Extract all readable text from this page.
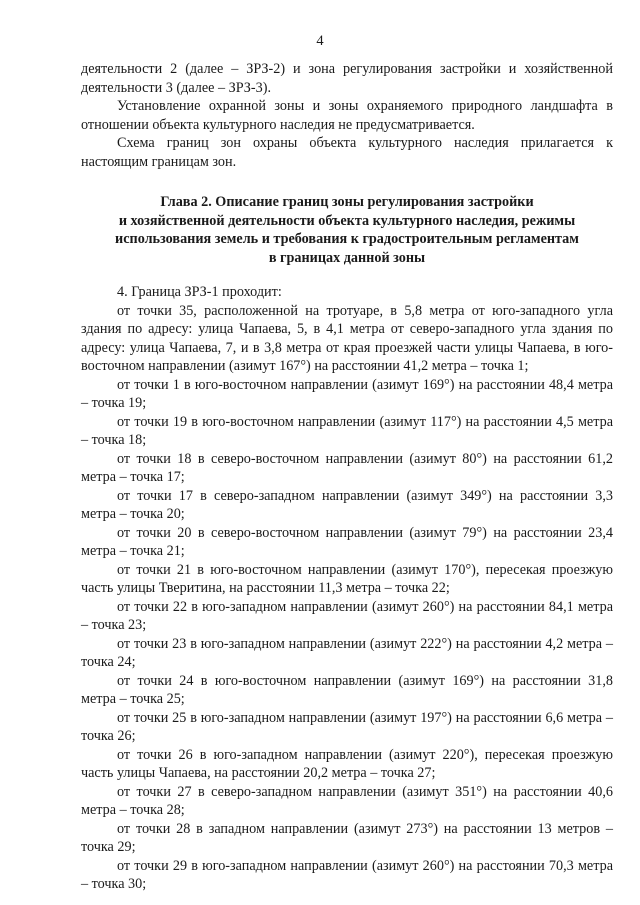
4

деятельности 2 (далее – ЗРЗ-2) и зона регулирования застройки и хозяйственной деятельности 3 (далее – ЗРЗ-3).

Установление охранной зоны и зоны охраняемого природного ландшафта в отношении объекта культурного наследия не предусматривается.

Схема границ зон охраны объекта культурного наследия прилагается к настоящим границам зон.

Глава 2. Описание границ зоны регулирования застройки
и хозяйственной деятельности объекта культурного наследия, режимы
использования земель и требования к градостроительным регламентам
в границах данной зоны

4. Граница ЗРЗ-1 проходит:

от точки 35, расположенной на тротуаре, в 5,8 метра от юго-западного угла здания по адресу: улица Чапаева, 5, в 4,1 метра от северо-западного угла здания по адресу: улица Чапаева, 7, и в 3,8 метра от края проезжей части улицы Чапаева, в юго-восточном направлении (азимут 167°) на расстоянии 41,2 метра – точка 1;

от точки 1 в юго-восточном направлении (азимут 169°) на расстоянии 48,4 метра – точка 19;

от точки 19 в юго-восточном направлении (азимут 117°) на расстоянии 4,5 метра – точка 18;

от точки 18 в северо-восточном направлении (азимут 80°) на расстоянии 61,2 метра – точка 17;

от точки 17 в северо-западном направлении (азимут 349°) на расстоянии 3,3 метра – точка 20;

от точки 20 в северо-восточном направлении (азимут 79°) на расстоянии 23,4 метра – точка 21;

от точки 21 в юго-восточном направлении (азимут 170°), пересекая проезжую часть улицы Тверитина, на расстоянии 11,3 метра – точка 22;

от точки 22 в юго-западном направлении (азимут 260°) на расстоянии 84,1 метра – точка 23;

от точки 23 в юго-западном направлении (азимут 222°) на расстоянии 4,2 метра – точка 24;

от точки 24 в юго-восточном направлении (азимут 169°) на расстоянии 31,8 метра – точка 25;

от точки 25 в юго-западном направлении (азимут 197°) на расстоянии 6,6 метра – точка 26;

от точки 26 в юго-западном направлении (азимут 220°), пересекая проезжую часть улицы Чапаева, на расстоянии 20,2 метра – точка 27;

от точки 27 в северо-западном направлении (азимут 351°) на расстоянии 40,6 метра – точка 28;

от точки 28 в западном направлении (азимут 273°) на расстоянии 13 метров – точка 29;

от точки 29 в юго-западном направлении (азимут 260°) на расстоянии 70,3 метра – точка 30;
